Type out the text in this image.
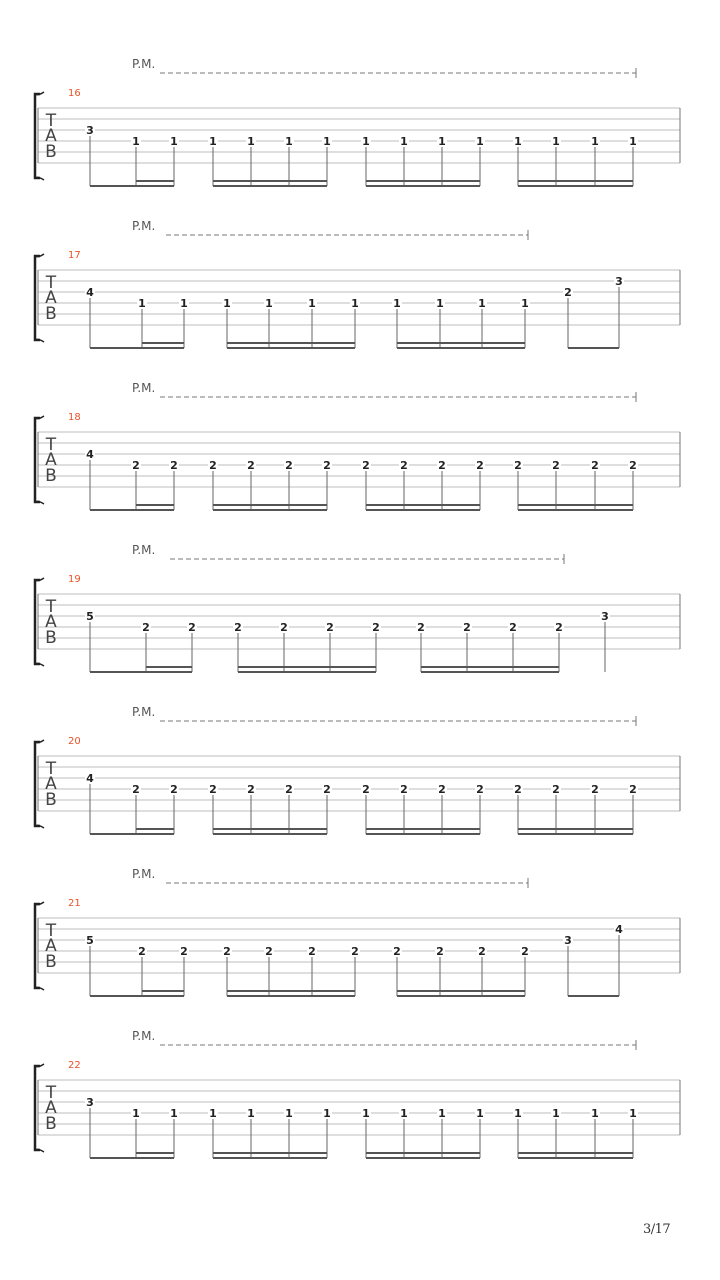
P.M.
16
T
A
B
3
1	1	1	1	1	1	1	1	1	1	1	1	1	1
P.M.
17
T
A
B
4
1	1	1	1	1	1	1	1	1	1
2
3
P.M.
18
T
A
B
4
2	2	2	2	2	2	2	2	2	2	2	2	2	2
P.M.
19
T
A
B
5
2	2	2	2	2	2	2	2	2	2
3
P.M.
20
T
A
B
4
2	2	2	2	2	2	2	2	2	2	2	2	2	2
P.M.
21
T
A
B
5
2	2	2	2	2	2	2	2	2	2
3
4
P.M.
22
T
A
B
3
1	1	1	1	1	1	1	1	1	1	1	1	1	1
3/17
